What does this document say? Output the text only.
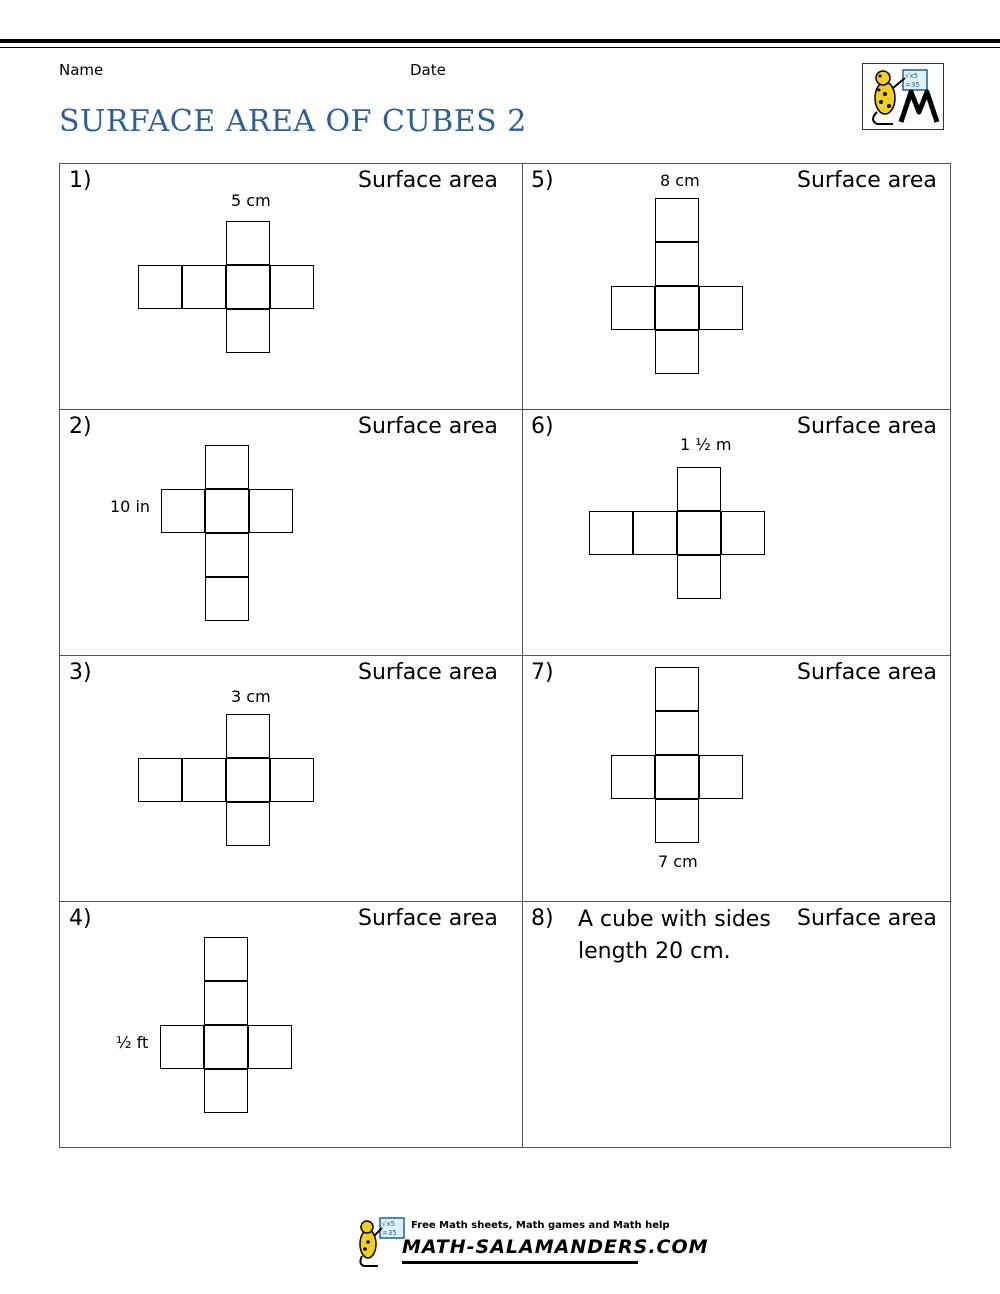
Name	Date
SURFACE AREA OF CUBES 2
√x5
=35
1)	Surface area
5 cm
5)	Surface area
8 cm
2)	Surface area
10 in
6)	Surface area
1 ½ m
3)	Surface area
3 cm
7)	Surface area
7 cm
4)	Surface area
½ ft
8) A cube with sides length 20 cm.
Surface area
√x5
=35
Free Math sheets, Math games and Math help
MATH-SALAMANDERS.COM
